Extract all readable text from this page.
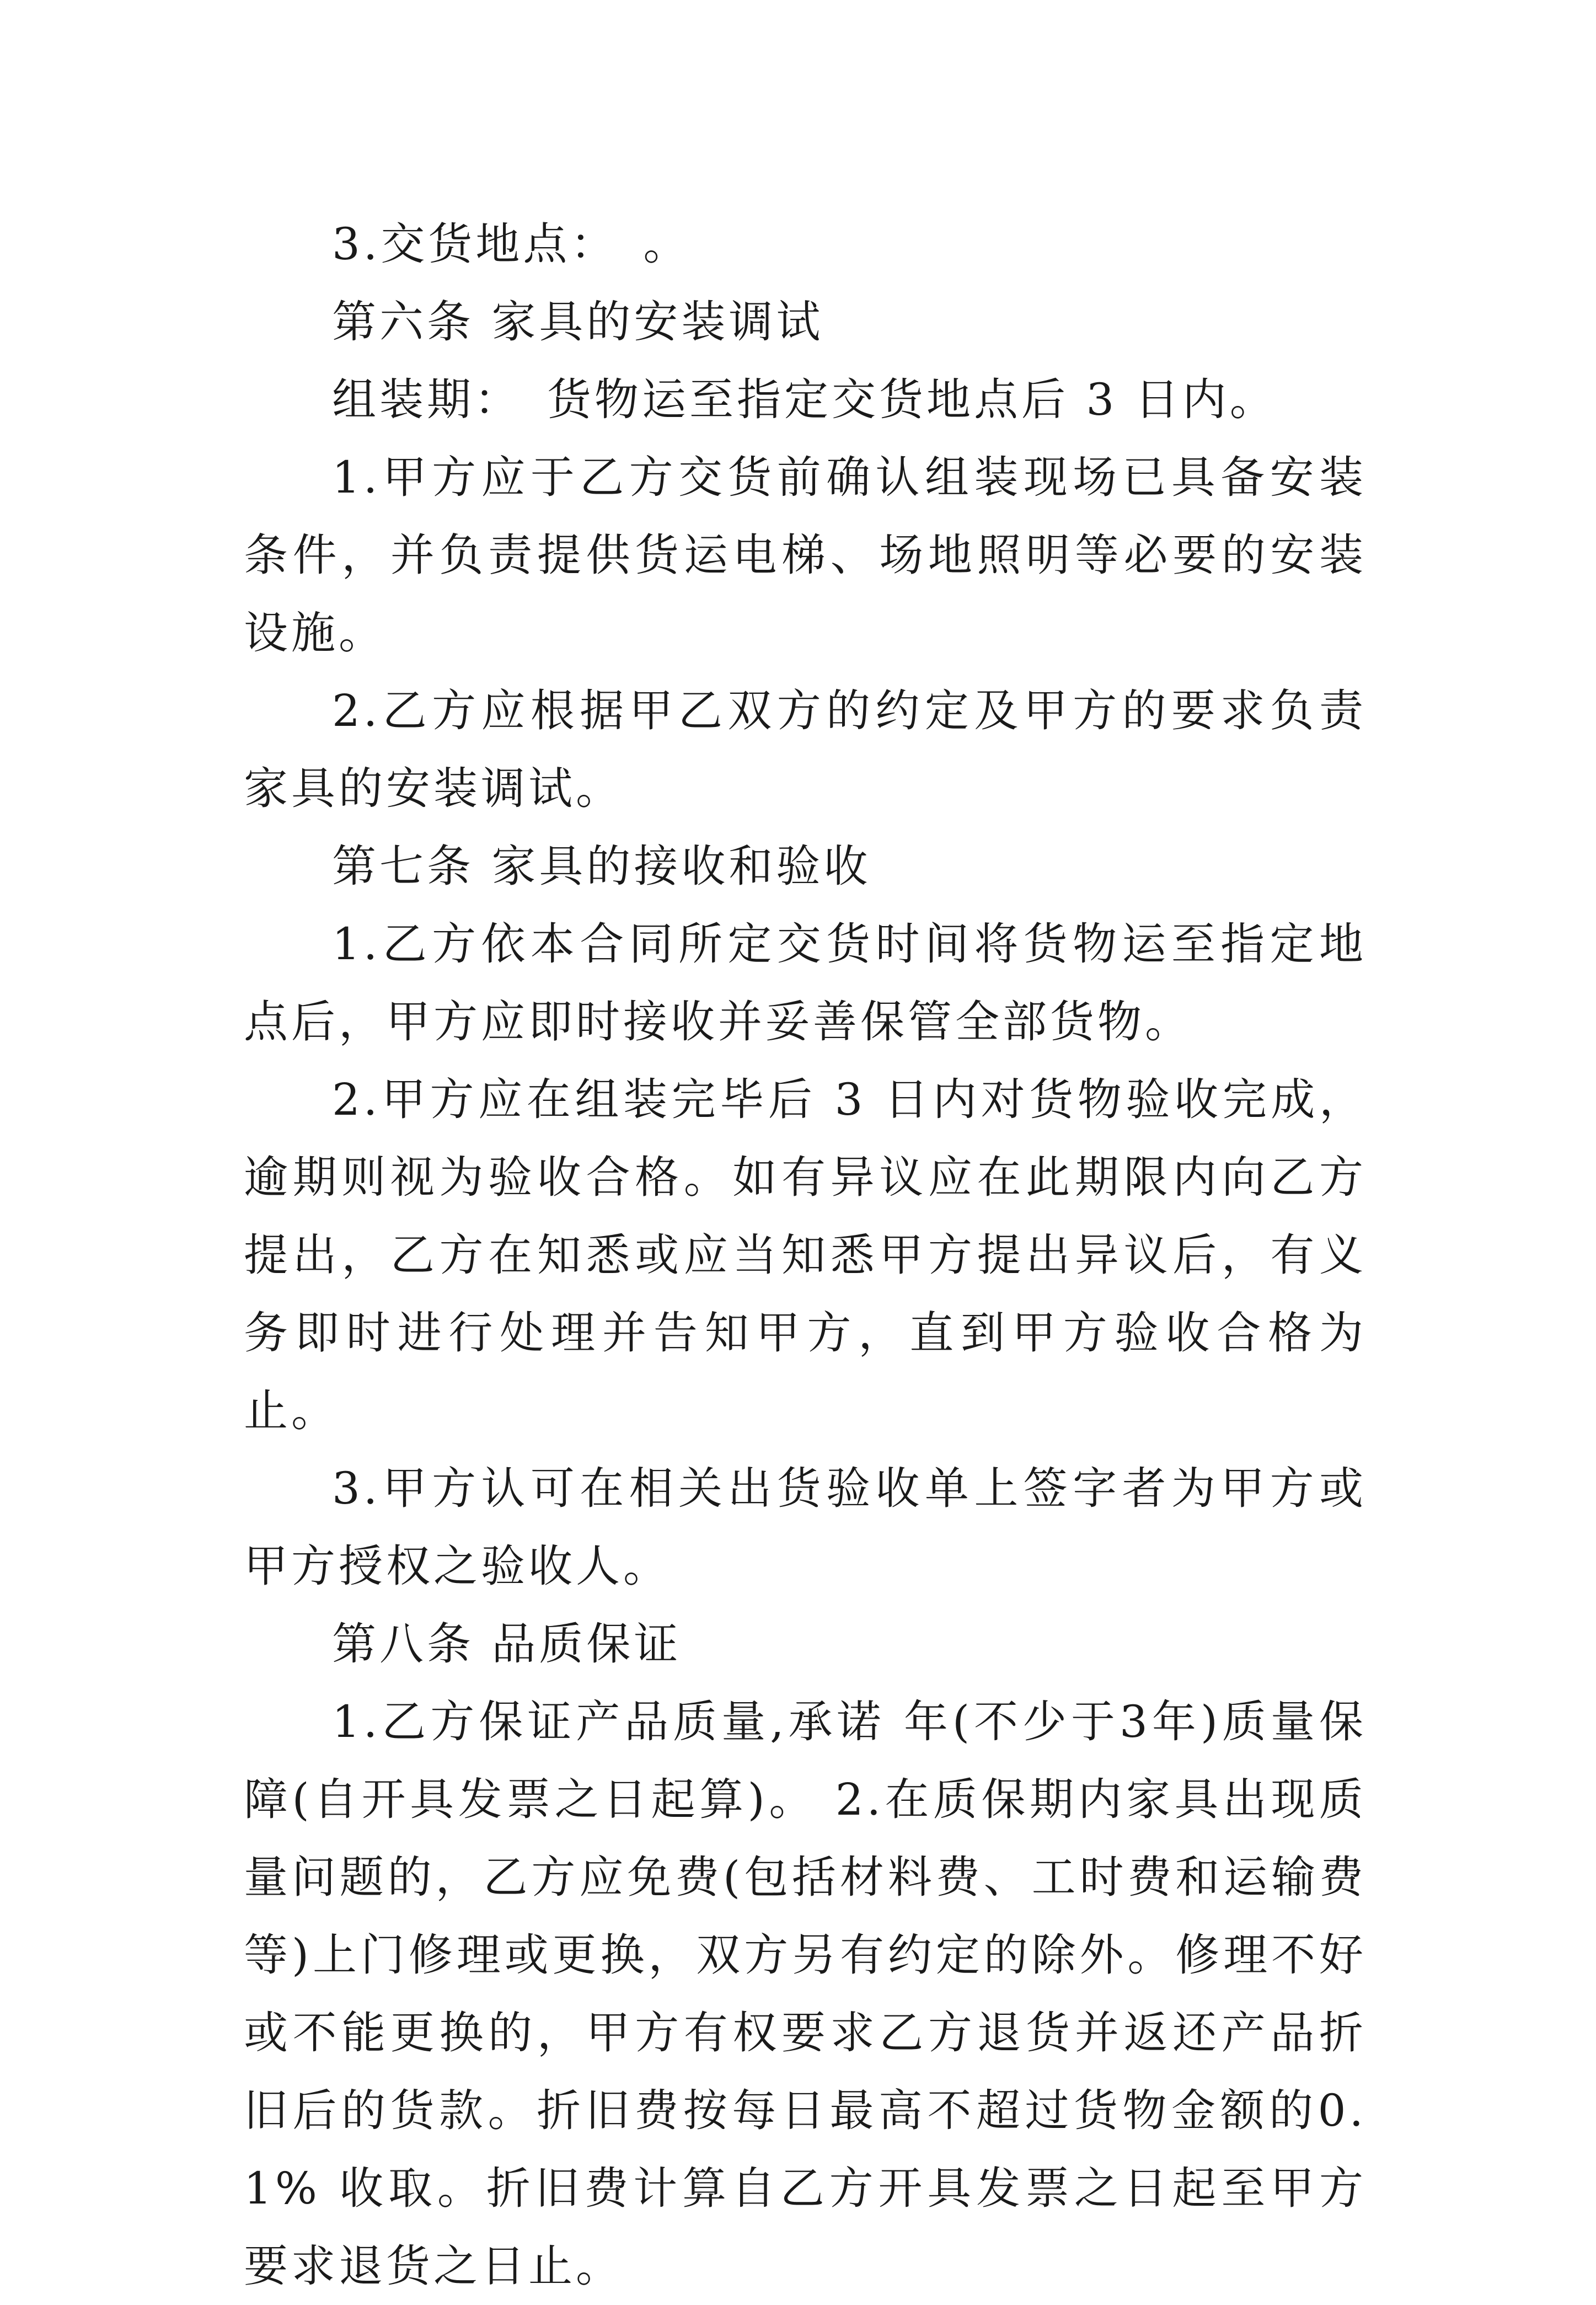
3.交货地点：　。

第六条 家具的安装调试

组装期：　货物运至指定交货地点后 3 日内。

1.甲方应于乙方交货前确认组装现场已具备安装条件，并负责提供货运电梯、场地照明等必要的安装设施。

2.乙方应根据甲乙双方的约定及甲方的要求负责家具的安装调试。

第七条 家具的接收和验收

1.乙方依本合同所定交货时间将货物运至指定地点后，甲方应即时接收并妥善保管全部货物。

2.甲方应在组装完毕后 3 日内对货物验收完成，逾期则视为验收合格。如有异议应在此期限内向乙方提出，乙方在知悉或应当知悉甲方提出异议后，有义务即时进行处理并告知甲方，直到甲方验收合格为止。

3.甲方认可在相关出货验收单上签字者为甲方或甲方授权之验收人。

第八条 品质保证

1.乙方保证产品质量,承诺 年(不少于3年)质量保障(自开具发票之日起算)。 2.在质保期内家具出现质量问题的，乙方应免费(包括材料费、工时费和运输费等)上门修理或更换，双方另有约定的除外。修理不好或不能更换的，甲方有权要求乙方退货并返还产品折旧后的货款。折旧费按每日最高不超过货物金额的0.1% 收取。折旧费计算自乙方开具发票之日起至甲方要求退货之日止。
